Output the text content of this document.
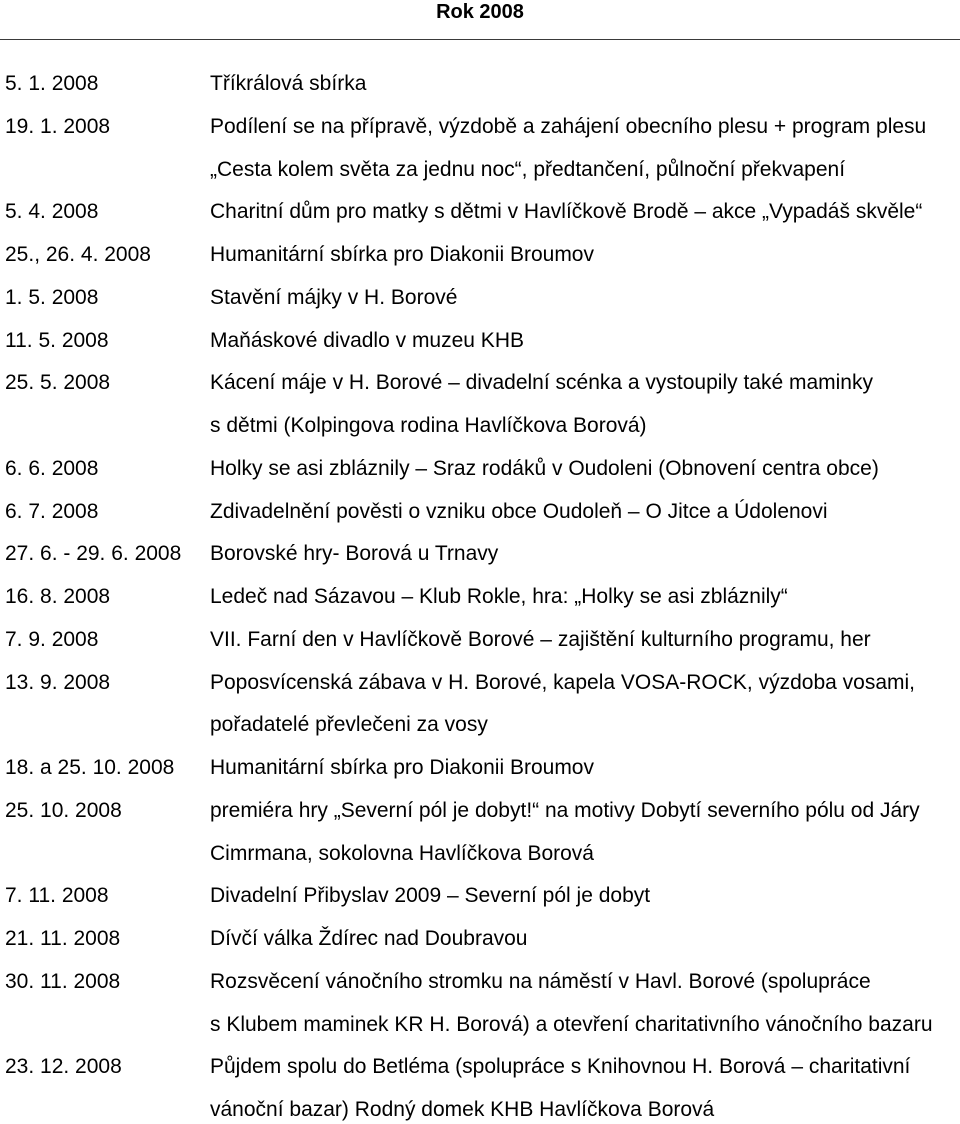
Rok 2008
5. 1. 2008	Tříkrálová sbírka
19. 1. 2008	Podílení se na přípravě, výzdobě a zahájení obecního plesu + program plesu
„Cesta kolem světa za jednu noc“, předtančení, půlnoční překvapení
5. 4. 2008	Charitní dům pro matky s dětmi v Havlíčkově Brodě – akce „Vypadáš skvěle“
25., 26. 4. 2008	Humanitární sbírka pro Diakonii Broumov
1. 5. 2008	Stavění májky v H. Borové
11. 5. 2008	Maňáskové divadlo v muzeu KHB
25. 5. 2008	Kácení máje v H. Borové – divadelní scénka a vystoupily také maminky
s dětmi (Kolpingova rodina Havlíčkova Borová)
6. 6. 2008	Holky se asi zbláznily – Sraz rodáků v Oudoleni (Obnovení centra obce)
6. 7. 2008	Zdivadelnění pověsti o vzniku obce Oudoleň – O Jitce a Údolenovi
27. 6. - 29. 6. 2008	Borovské hry- Borová u Trnavy
16. 8. 2008	Ledeč nad Sázavou – Klub Rokle, hra: „Holky se asi zbláznily“
7. 9. 2008	VII. Farní den v Havlíčkově Borové – zajištění kulturního programu, her
13. 9. 2008	Poposvícenská zábava v H. Borové, kapela VOSA-ROCK, výzdoba vosami,
pořadatelé převlečeni za vosy
18. a 25. 10. 2008	Humanitární sbírka pro Diakonii Broumov
25. 10. 2008	premiéra hry „Severní pól je dobyt!“ na motivy Dobytí severního pólu od Járy
Cimrmana, sokolovna Havlíčkova Borová
7. 11. 2008	Divadelní Přibyslav 2009 – Severní pól je dobyt
21. 11. 2008	Dívčí válka Ždírec nad Doubravou
30. 11. 2008	Rozsvěcení vánočního stromku na náměstí v Havl. Borové (spolupráce
s Klubem maminek KR H. Borová) a otevření charitativního vánočního bazaru
23. 12. 2008	Půjdem spolu do Betléma (spolupráce s Knihovnou H. Borová – charitativní
vánoční bazar) Rodný domek KHB Havlíčkova Borová
